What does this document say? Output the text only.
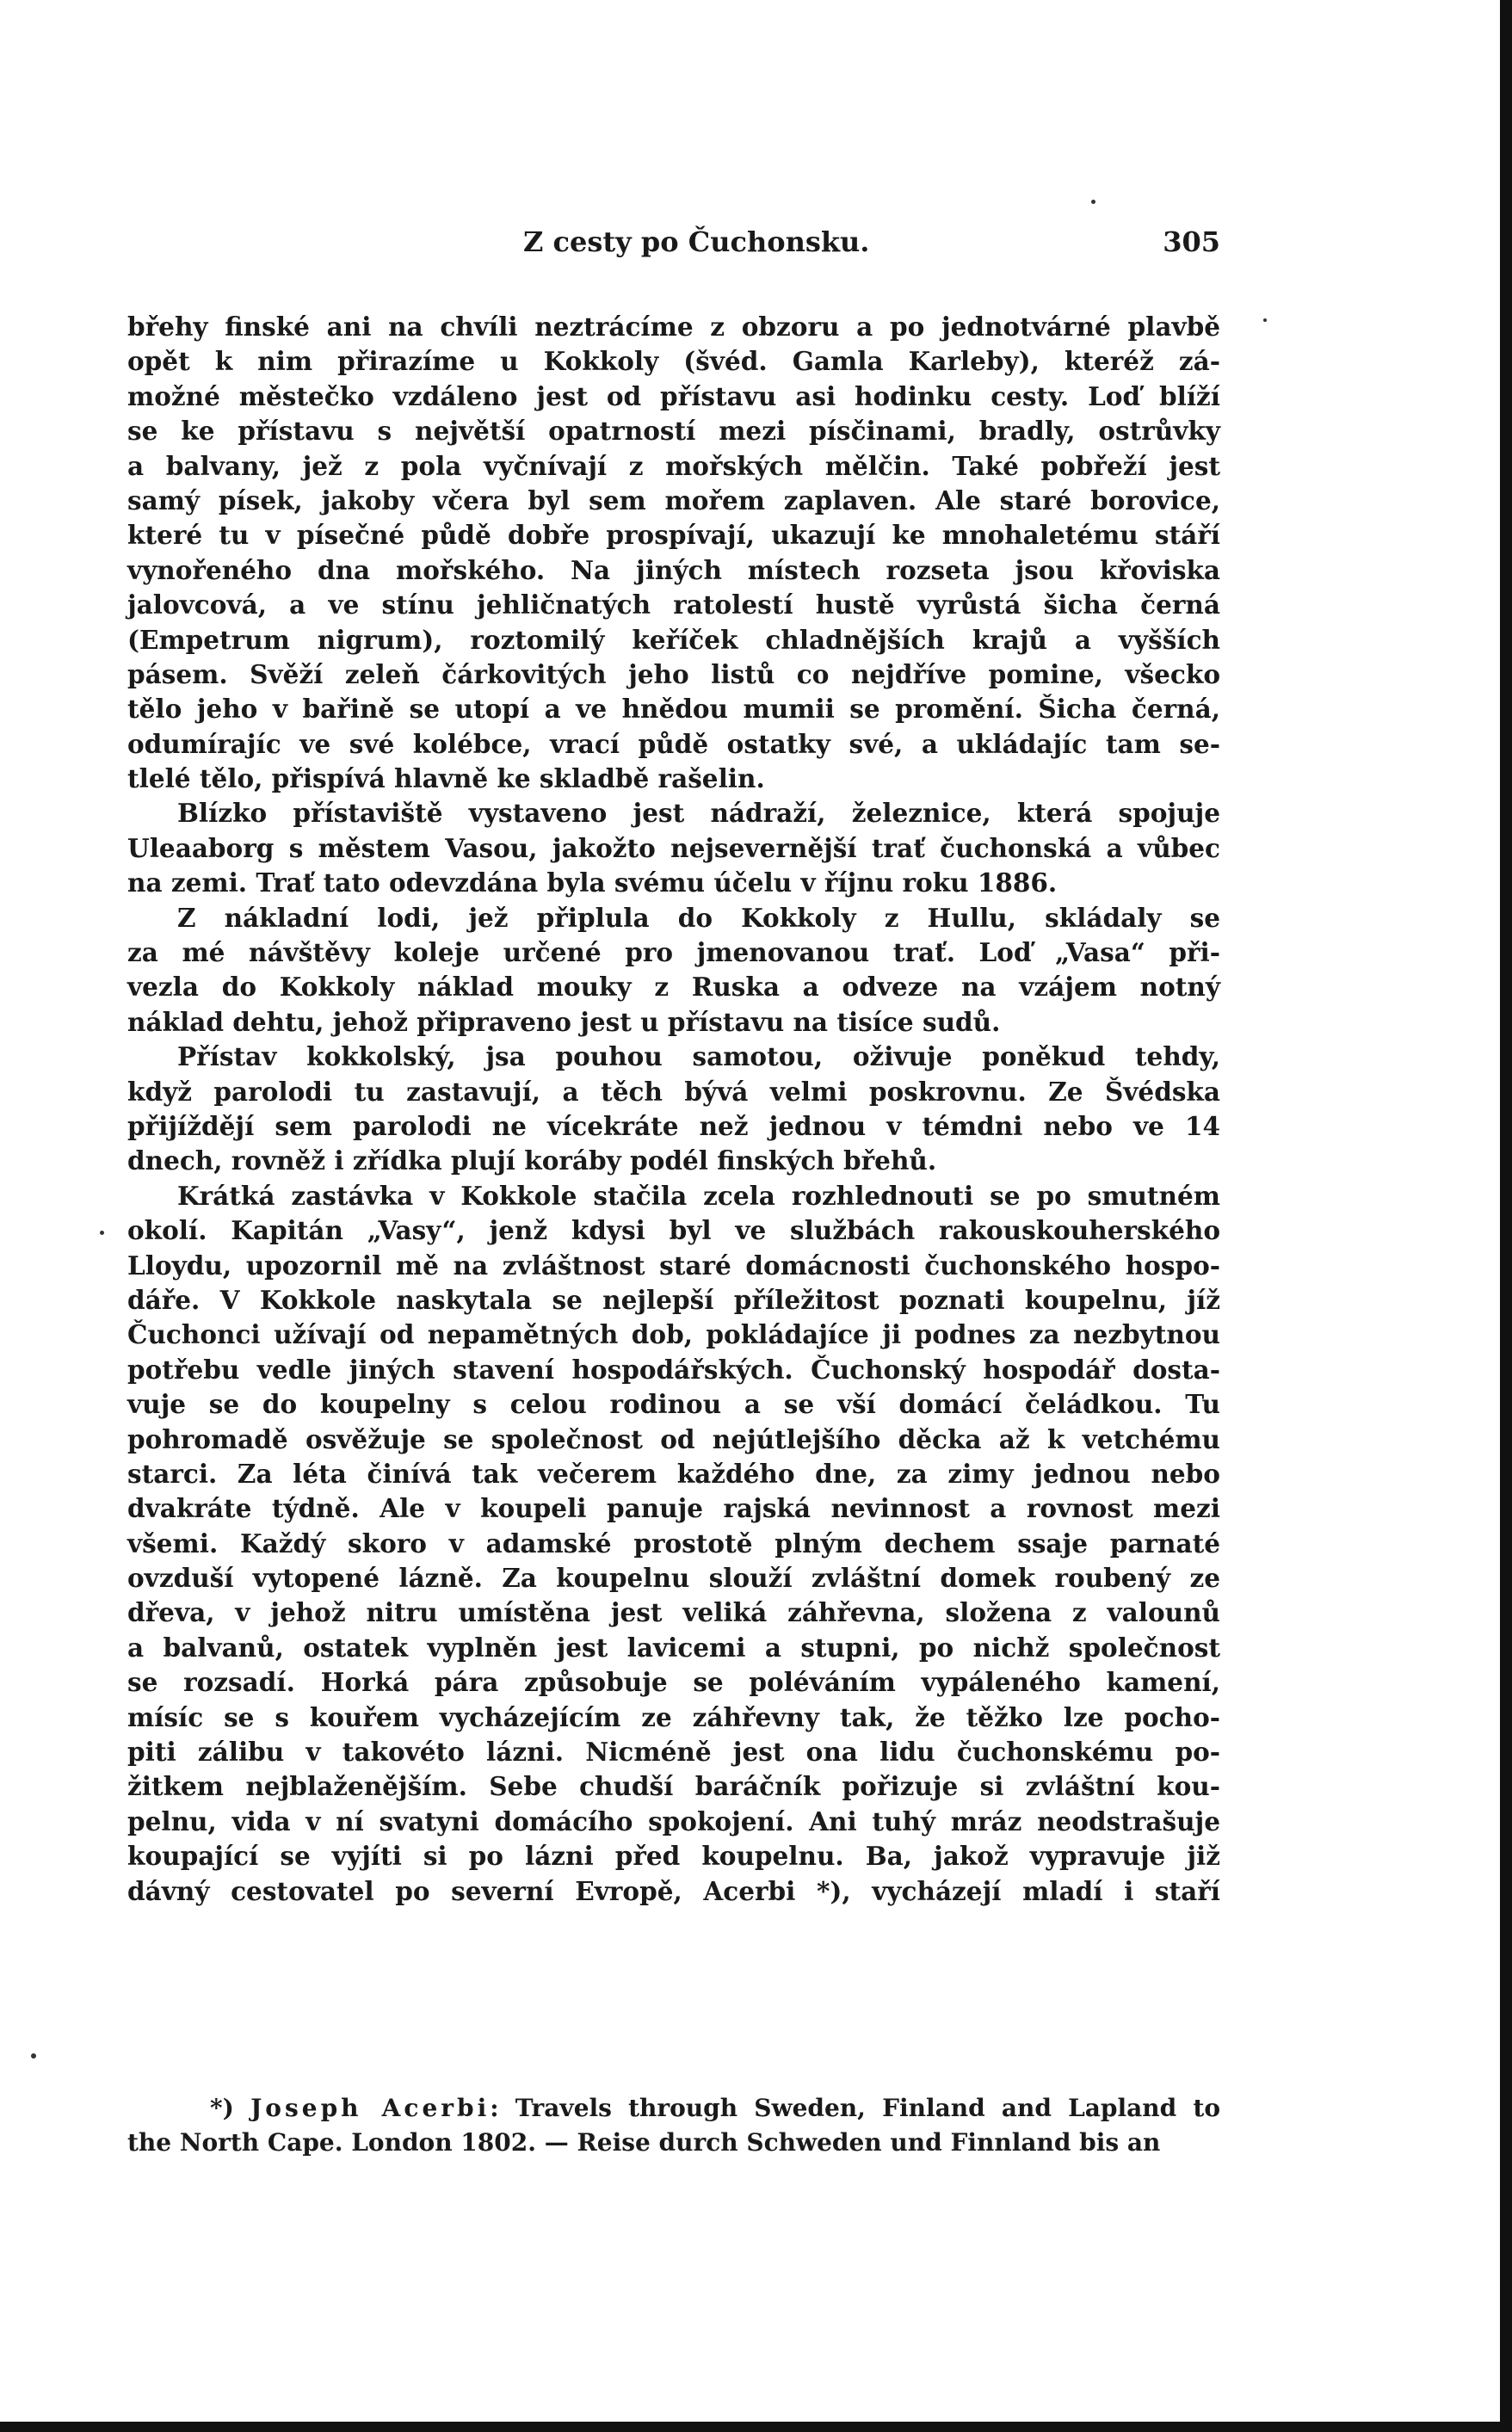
Z cesty po Čuchonsku.	305
břehy finské ani na chvíli neztrácíme z obzoru a po jednotvárné plavbě
opět k nim přirazíme u Kokkoly (švéd. Gamla Karleby), kteréž zá-
možné městečko vzdáleno jest od přístavu asi hodinku cesty. Loď blíží
se ke přístavu s největší opatrností mezi písčinami, bradly, ostrůvky
a balvany, jež z pola vyčnívají z mořských mělčin. Také pobřeží jest
samý písek, jakoby včera byl sem mořem zaplaven. Ale staré borovice,
které tu v písečné půdě dobře prospívají, ukazují ke mnohaletému stáří
vynořeného dna mořského. Na jiných místech rozseta jsou křoviska
jalovcová, a ve stínu jehličnatých ratolestí hustě vyrůstá šicha černá
(Empetrum nigrum), roztomilý keříček chladnějších krajů a vyšších
pásem. Svěží zeleň čárkovitých jeho listů co nejdříve pomine, všecko
tělo jeho v bařině se utopí a ve hnědou mumii se promění. Šicha černá,
odumírajíc ve své kolébce, vrací půdě ostatky své, a ukládajíc tam se-
tlelé tělo, přispívá hlavně ke skladbě rašelin.
Blízko přístaviště vystaveno jest nádraží, železnice, která spojuje
Uleaaborg s městem Vasou, jakožto nejsevernější trať čuchonská a vůbec
na zemi. Trať tato odevzdána byla svému účelu v říjnu roku 1886.
Z nákladní lodi, jež připlula do Kokkoly z Hullu, skládaly se
za mé návštěvy koleje určené pro jmenovanou trať. Loď „Vasa“ při-
vezla do Kokkoly náklad mouky z Ruska a odveze na vzájem notný
náklad dehtu, jehož připraveno jest u přístavu na tisíce sudů.
Přístav kokkolský, jsa pouhou samotou, oživuje poněkud tehdy,
když parolodi tu zastavují, a těch bývá velmi poskrovnu. Ze Švédska
přijíždějí sem parolodi ne vícekráte než jednou v témdni nebo ve 14
dnech, rovněž i zřídka plují koráby podél finských břehů.
Krátká zastávka v Kokkole stačila zcela rozhlednouti se po smutném
okolí. Kapitán „Vasy“, jenž kdysi byl ve službách rakouskouherského
Lloydu, upozornil mě na zvláštnost staré domácnosti čuchonského hospo-
dáře. V Kokkole naskytala se nejlepší příležitost poznati koupelnu, jíž
Čuchonci užívají od nepamětných dob, pokládajíce ji podnes za nezbytnou
potřebu vedle jiných stavení hospodářských. Čuchonský hospodář dosta-
vuje se do koupelny s celou rodinou a se vší domácí čeládkou. Tu
pohromadě osvěžuje se společnost od nejútlejšího děcka až k vetchému
starci. Za léta činívá tak večerem každého dne, za zimy jednou nebo
dvakráte týdně. Ale v koupeli panuje rajská nevinnost a rovnost mezi
všemi. Každý skoro v adamské prostotě plným dechem ssaje parnaté
ovzduší vytopené lázně. Za koupelnu slouží zvláštní domek roubený ze
dřeva, v jehož nitru umístěna jest veliká záhřevna, složena z valounů
a balvanů, ostatek vyplněn jest lavicemi a stupni, po nichž společnost
se rozsadí. Horká pára způsobuje se poléváním vypáleného kamení,
mísíc se s kouřem vycházejícím ze záhřevny tak, že těžko lze pocho-
piti zálibu v takovéto lázni. Nicméně jest ona lidu čuchonskému po-
žitkem nejblaženějším. Sebe chudší baráčník pořizuje si zvláštní kou-
pelnu, vida v ní svatyni domácího spokojení. Ani tuhý mráz neodstrašuje
koupající se vyjíti si po lázni před koupelnu. Ba, jakož vypravuje již
dávný cestovatel po severní Evropě, Acerbi *), vycházejí mladí i staří
*) Joseph Acerbi: Travels through Sweden, Finland and Lapland to
the North Cape. London 1802. — Reise durch Schweden und Finnland bis an
